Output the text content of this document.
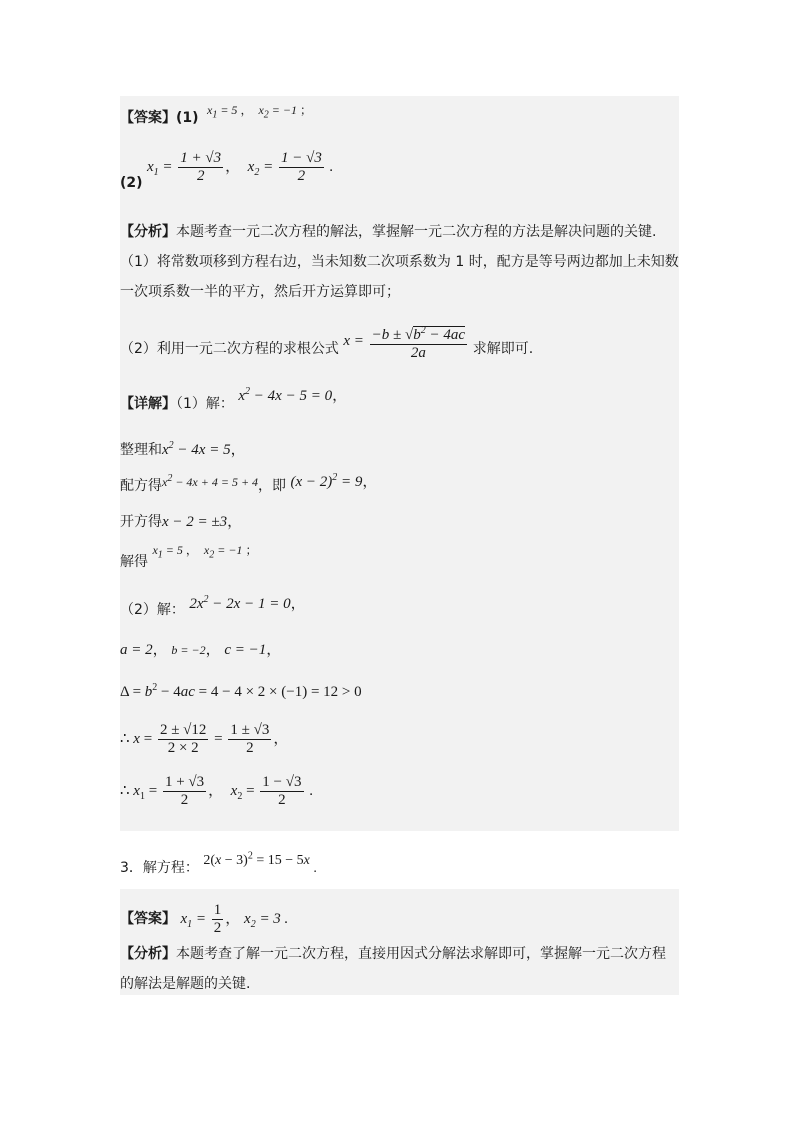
【答案】(1) $x_1 = 5$ ，  $x_2 = -1$ ；
(2) $x_1 = \frac{1 + √3}{2}$ ，  $x_2 = \frac{1 - √3}{2}$ .
【分析】本题考查一元二次方程的解法，掌握解一元二次方程的方法是解决问题的关键.
（1）将常数项移到方程右边，当未知数二次项系数为 1 时，配方是等号两边都加上未知数
一次项系数一半的平方，然后开方运算即可；
（2）利用一元二次方程的求根公式 $x = \frac{-b \pm √b^2 - 4ac}{2a}$ 求解即可.
【详解】（1）解： $x^2 - 4x - 5 = 0$，
整理和$x^2 - 4x = 5$，
配方得$x^2 - 4x + 4 = 5 + 4$，即 $(x - 2)^2 = 9$，
开方得x − 2 = ±3，
解得 $x_1 = 5$ ，  $x_2 = -1$ ；
（2）解： $2x^2 - 2x - 1 = 0$，
a = 2， b = −2， c = −1，
$\Delta = b^2 - 4ac = 4 - 4 \times 2 \times (-1) = 12 > 0$
∴ $x = \frac{2 \pm √12}{2 \times 2} = \frac{1 \pm √3}{2}$ ，
∴ $x_1 = \frac{1 + √3}{2}$ ，  $x_2 = \frac{1 - √3}{2}$ .
3．解方程： $2(x - 3)^2 = 15 - 5x$ .
【答案】 $x_1 = \frac{1}{2}$ ， $x_2 = 3$ .
【分析】本题考查了解一元二次方程，直接用因式分解法求解即可，掌握解一元二次方程
的解法是解题的关键.
